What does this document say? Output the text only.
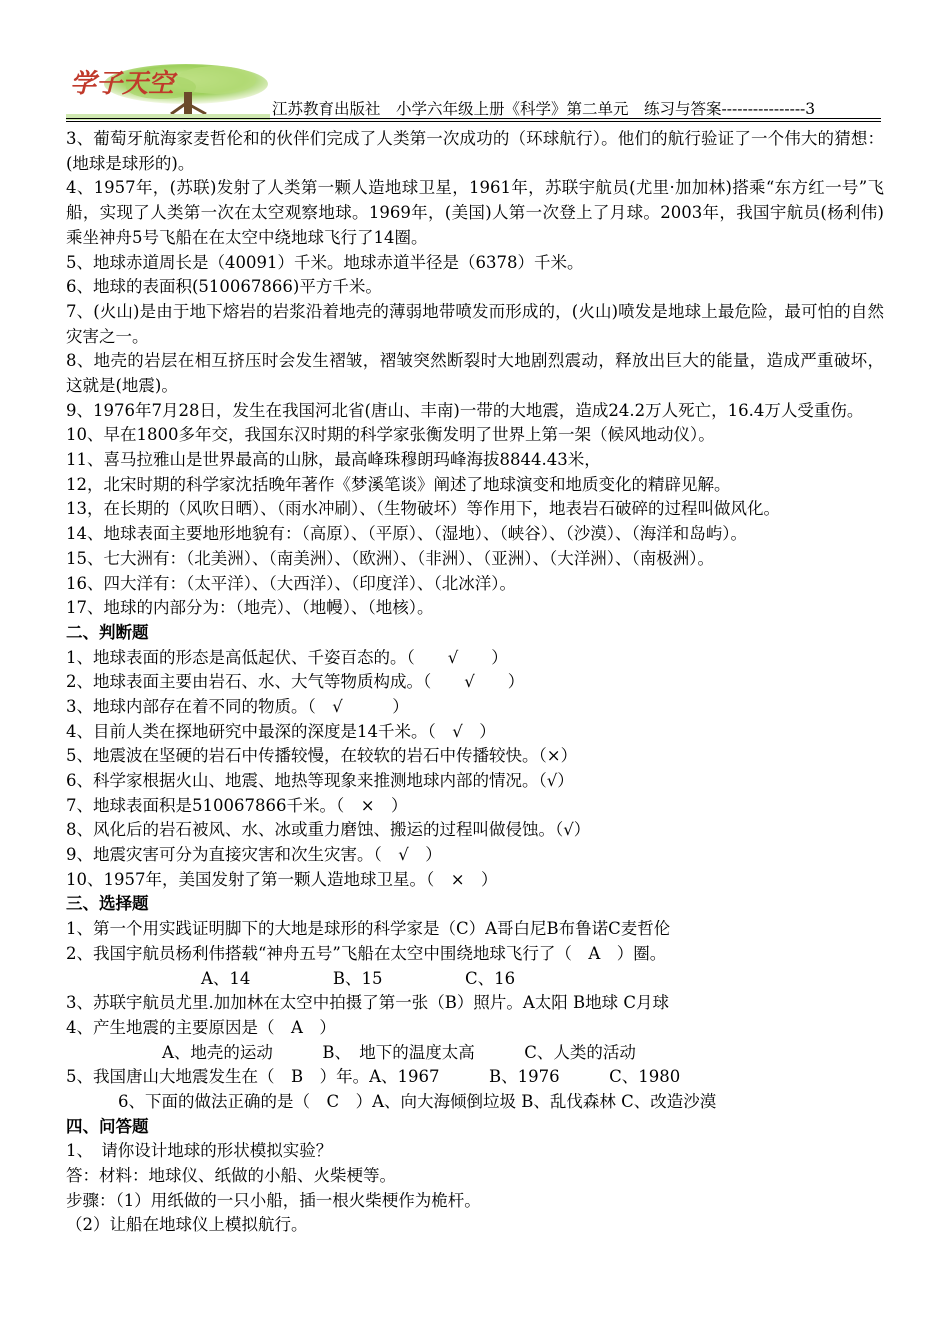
学子天空
江苏教育出版社　小学六年级上册《科学》第二单元　练习与答案----------------3
3、葡萄牙航海家麦哲伦和的伙伴们完成了人类第一次成功的（环球航行）。他们的航行验证了一个伟大的猜想：(地球是球形的)。
4、1957年，(苏联)发射了人类第一颗人造地球卫星，1961年，苏联宇航员(尤里·加加林)搭乘“东方红一号”飞船，实现了人类第一次在太空观察地球。1969年，(美国)人第一次登上了月球。2003年，我国宇航员(杨利伟)乘坐神舟5号飞船在在太空中绕地球飞行了14圈。
5、地球赤道周长是（40091）千米。地球赤道半径是（6378）千米。
6、地球的表面积(510067866)平方千米。
7、(火山)是由于地下熔岩的岩浆沿着地壳的薄弱地带喷发而形成的，(火山)喷发是地球上最危险，最可怕的自然灾害之一。
8、地壳的岩层在相互挤压时会发生褶皱，褶皱突然断裂时大地剧烈震动，释放出巨大的能量，造成严重破坏，这就是(地震)。
9、1976年7月28日，发生在我国河北省(唐山、丰南)一带的大地震，造成24.2万人死亡，16.4万人受重伤。
10、早在1800多年交，我国东汉时期的科学家张衡发明了世界上第一架（候风地动仪）。
11、喜马拉雅山是世界最高的山脉，最高峰珠穆朗玛峰海拔8844.43米，
12，北宋时期的科学家沈括晚年著作《梦溪笔谈》阐述了地球演变和地质变化的精辟见解。
13，在长期的（风吹日晒）、（雨水冲刷）、（生物破坏）等作用下，地表岩石破碎的过程叫做风化。
14、地球表面主要地形地貌有：（高原）、（平原）、（湿地）、（峡谷）、（沙漠）、（海洋和岛屿）。
15、七大洲有：（北美洲）、（南美洲）、（欧洲）、（非洲）、（亚洲）、（大洋洲）、（南极洲）。
16、四大洋有：（太平洋）、（大西洋）、（印度洋）、（北冰洋）。
17、地球的内部分为：（地壳）、（地幔）、（地核）。
二、判断题
1、地球表面的形态是高低起伏、千姿百态的。（　　√　　）
2、地球表面主要由岩石、水、大气等物质构成。（　　√　　）
3、地球内部存在着不同的物质。（　√　　　）
4、目前人类在探地研究中最深的深度是14千米。（　√　）
5、地震波在坚硬的岩石中传播较慢，在较软的岩石中传播较快。（×）
6、科学家根据火山、地震、地热等现象来推测地球内部的情况。（√）
7、地球表面积是510067866千米。（　×　）
8、风化后的岩石被风、水、冰或重力磨蚀、搬运的过程叫做侵蚀。（√）
9、地震灾害可分为直接灾害和次生灾害。（　√　）
10、1957年，美国发射了第一颗人造地球卫星。（　×　）
三、选择题
1、第一个用实践证明脚下的大地是球形的科学家是（C）A哥白尼B布鲁诺C麦哲伦
2、我国宇航员杨利伟搭载“神舟五号”飞船在太空中围绕地球飞行了（　A　）圈。
A、14　　　　　B、15　　　　　C、16
3、苏联宇航员尤里.加加林在太空中拍摄了第一张（B）照片。A太阳 B地球 C月球
4、产生地震的主要原因是（　A　）
A、地壳的运动　　　B、　地下的温度太高　　　C、人类的活动
5、我国唐山大地震发生在（　B　）年。A、1967　　　B、1976　　　C、1980
6、下面的做法正确的是（　C　）A、向大海倾倒垃圾 B、乱伐森林 C、改造沙漠
四、问答题
1、　请你设计地球的形状模拟实验？
答：材料：地球仪、纸做的小船、火柴梗等。
步骤：（1）用纸做的一只小船，插一根火柴梗作为桅杆。
（2）让船在地球仪上模拟航行。
